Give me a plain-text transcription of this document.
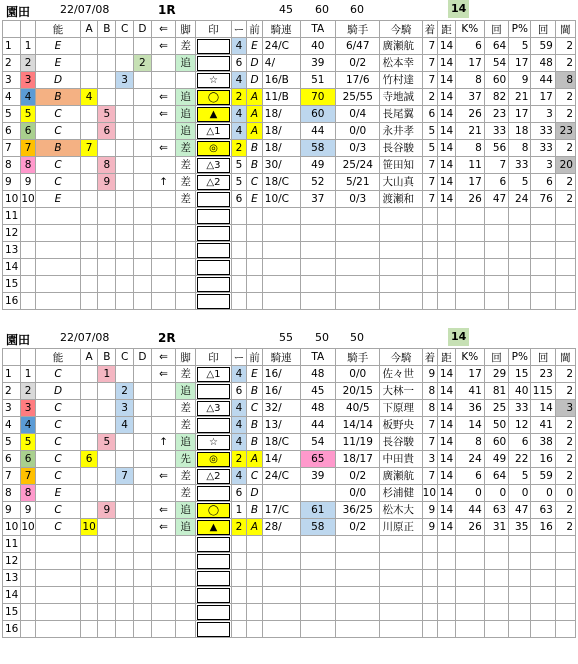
園田	22/07/08	1R	45 60 60	14
		能	A	B	C	D	⇐	脚	印	ー	前	騎連	TA	騎手	今騎	着	距	K%	回	P%	回	閫
1	1	E					⇐	差		4	E	24/C	40	6/47	廣瀬航	7	14	6	64	5	59	2
2	2	E				2		追		6	D	4/	39	0/2	松本幸	7	14	17	54	17	48	2
3	3	D			3				☆	4	D	16/B	51	17/6	竹村達	7	14	8	60	9	44	8
4	4	B	4				⇐	追	◯	2	A	11/B	70	25/55	寺地誠	2	14	37	82	21	17	2
5	5	C		5			⇐	追	▲	4	A	18/	60	0/4	長尾翼	6	14	26	23	17	3	2
6	6	C		6				追	△1	4	A	18/	44	0/0	永井孝	5	14	21	33	18	33	23
7	7	B	7				⇐	差	◎	2	B	18/	58	0/3	長谷駿	5	14	8	56	8	33	2
8	8	C		8				差	△3	5	B	30/	49	25/24	笹田知	7	14	11	7	33	3	20
9	9	C		9			↑	差	△2	5	C	18/C	52	5/21	大山真	7	14	17	6	5	6	2
10	10	E						差		6	E	10/C	37	0/3	渡瀬和	7	14	26	47	24	76	2
11									

12									

13									

14									

15									

16									

園田	22/07/08	2R	55 50 50	14
		能	A	B	C	D	⇐	脚	印	ー	前	騎連	TA	騎手	今騎	着	距	K%	回	P%	回	閫
1	1	C		1			⇐	差	△1	4	E	16/	48	0/0	佐々世	9	14	17	29	15	23	2
2	2	D			2			追		6	B	16/	45	20/15	大林一	8	14	41	81	40	115	2
3	3	C			3			差	△3	4	C	32/	48	40/5	下原理	8	14	36	25	33	14	3
4	4	C			4			差		4	B	13/	44	14/14	板野央	7	14	14	50	12	41	2
5	5	C		5			↑	追	☆	4	B	18/C	54	11/19	長谷駿	7	14	8	60	6	38	2
6	6	C	6					先	◎	2	A	14/	65	18/17	中田貴	3	14	24	49	22	16	2
7	7	C			7		⇐	差	△2	4	C	24/C	39	0/2	廣瀬航	7	14	6	64	5	59	2
8	8	E						差		6	D			0/0	杉浦健	10	14	0	0	0	0	0
9	9	C		9			⇐	追	◯	1	B	17/C	61	36/25	松木大	9	14	44	63	47	63	2
10	10	C	10				⇐	追	▲	2	A	28/	58	0/2	川原正	9	14	26	31	35	16	2
11									

12									

13									

14									

15									

16									
